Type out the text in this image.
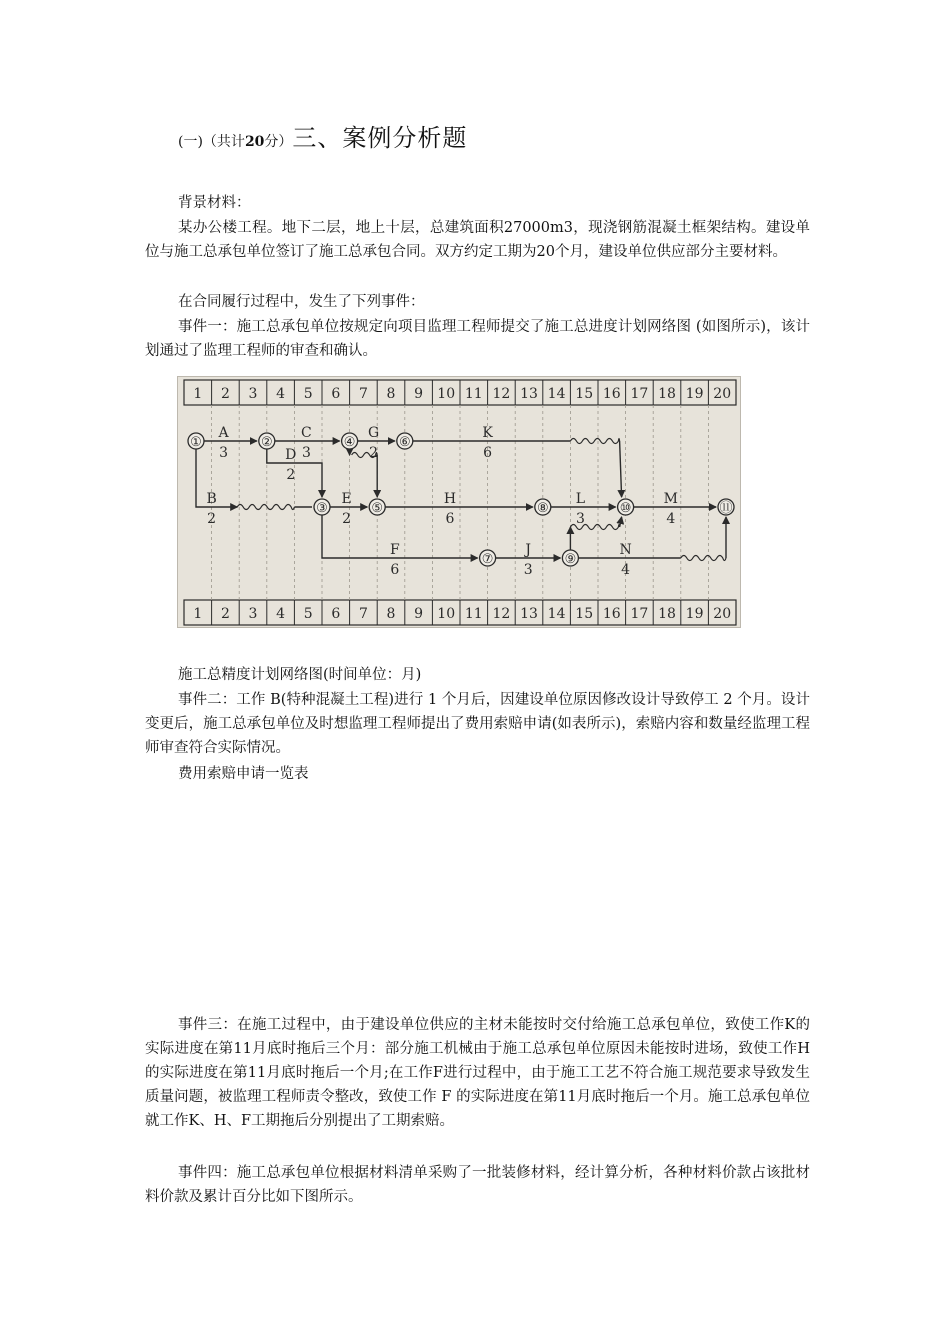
(一)（共计20分）三、案例分析题

背景材料：

某办公楼工程。地下二层，地上十层，总建筑面积27000m3，现浇钢筋混凝土框架结构。建设单位与施工总承包单位签订了施工总承包合同。双方约定工期为20个月，建设单位供应部分主要材料。

在合同履行过程中，发生了下列事件：

事件一：施工总承包单位按规定向项目监理工程师提交了施工总进度计划网络图 (如图所示)，该计划通过了监理工程师的审查和确认。

1 2 3 4 5 6 7 8 9 10 11 12 13 14 15 16 17 18 19 20
1 2 3 4 5 6 7 8 9 10 11 12 13 14 15 16 17 18 19 20
①	②
③
④
⑤
⑥
⑦
⑧
⑨
⑩	⑪
A
3
B
2
C
3
D
2
E
2
G
2
K
6
H
6
F
6
J
3
L
3
N
4
M
4

施工总精度计划网络图(时间单位：月)

事件二：工作 B(特种混凝土工程)进行 1 个月后，因建设单位原因修改设计导致停工 2 个月。设计变更后，施工总承包单位及时想监理工程师提出了费用索赔申请(如表所示)，索赔内容和数量经监理工程师审查符合实际情况。

费用索赔申请一览表

事件三：在施工过程中，由于建设单位供应的主材未能按时交付给施工总承包单位，致使工作K的实际进度在第11月底时拖后三个月：部分施工机械由于施工总承包单位原因未能按时进场，致使工作H的实际进度在第11月底时拖后一个月;在工作F进行过程中，由于施工工艺不符合施工规范要求导致发生质量问题，被监理工程师责令整改，致使工作 F 的实际进度在第11月底时拖后一个月。施工总承包单位就工作K、H、F工期拖后分别提出了工期索赔。

事件四：施工总承包单位根据材料清单采购了一批装修材料，经计算分析，各种材料价款占该批材料价款及累计百分比如下图所示。
